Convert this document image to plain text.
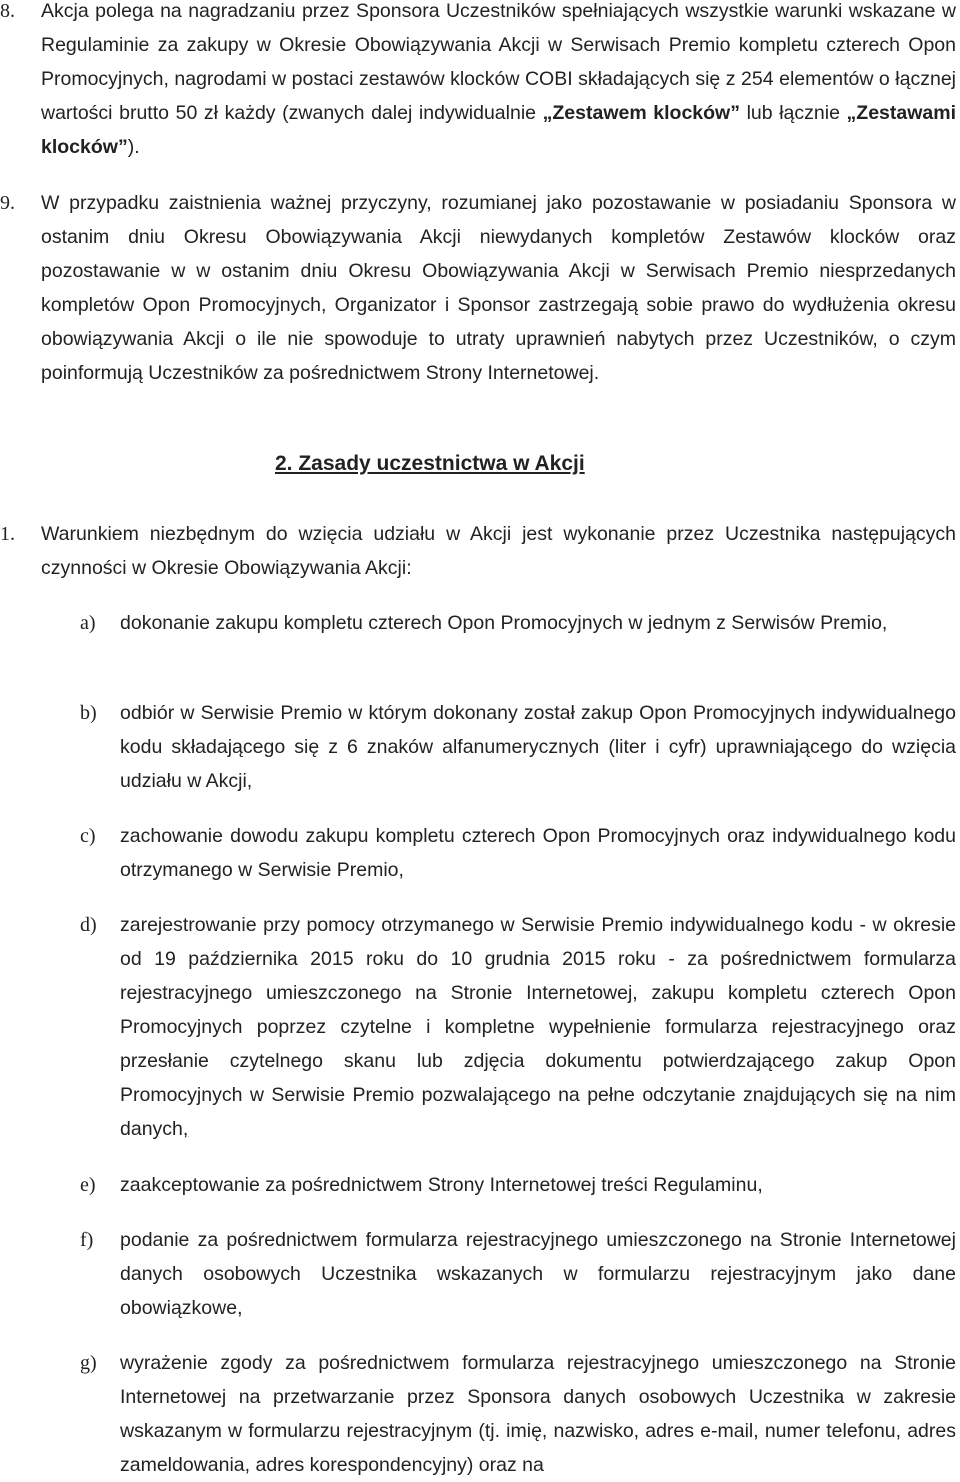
8.	Akcja polega na nagradzaniu przez Sponsora Uczestników spełniających wszystkie warunki wskazane w Regulaminie za zakupy w Okresie Obowiązywania Akcji w Serwisach Premio kompletu czterech Opon Promocyjnych, nagrodami w postaci zestawów klocków COBI składających się z 254 elementów o łącznej wartości brutto 50 zł każdy (zwanych dalej indywidualnie „Zestawem klocków” lub łącznie „Zestawami klocków”).
9.	W przypadku zaistnienia ważnej przyczyny, rozumianej jako pozostawanie w posiadaniu Sponsora w ostanim dniu Okresu Obowiązywania Akcji niewydanych kompletów Zestawów klocków oraz pozostawanie w w ostanim dniu Okresu Obowiązywania Akcji w Serwisach Premio niesprzedanych kompletów Opon Promocyjnych, Organizator i Sponsor zastrzegają sobie prawo do wydłużenia okresu obowiązywania Akcji o ile nie spowoduje to utraty uprawnień nabytych przez Uczestników, o czym poinformują Uczestników za pośrednictwem Strony Internetowej.
2. Zasady uczestnictwa w Akcji
1.	Warunkiem niezbędnym do wzięcia udziału w Akcji jest wykonanie przez Uczestnika następujących czynności w Okresie Obowiązywania Akcji:
a) dokonanie zakupu kompletu czterech Opon Promocyjnych w jednym z Serwisów Premio,
b) odbiór w Serwisie Premio w którym dokonany został zakup Opon Promocyjnych indywidualnego kodu składającego się z 6 znaków alfanumerycznych (liter i cyfr) uprawniającego do wzięcia udziału w Akcji,
c) zachowanie dowodu zakupu kompletu czterech Opon Promocyjnych oraz indywidualnego kodu otrzymanego w Serwisie Premio,
d) zarejestrowanie przy pomocy otrzymanego w Serwisie Premio indywidualnego kodu - w okresie od 19 października 2015 roku do 10 grudnia 2015 roku - za pośrednictwem formularza rejestracyjnego umieszczonego na Stronie Internetowej, zakupu kompletu czterech Opon Promocyjnych poprzez czytelne i kompletne wypełnienie formularza rejestracyjnego oraz przesłanie czytelnego skanu lub zdjęcia dokumentu potwierdzającego zakup Opon Promocyjnych w Serwisie Premio pozwalającego na pełne odczytanie znajdujących się na nim danych,
e) zaakceptowanie za pośrednictwem Strony Internetowej treści Regulaminu,
f) podanie za pośrednictwem formularza rejestracyjnego umieszczonego na Stronie Internetowej danych osobowych Uczestnika wskazanych w formularzu rejestracyjnym jako dane obowiązkowe,
g) wyrażenie zgody za pośrednictwem formularza rejestracyjnego umieszczonego na Stronie Internetowej na przetwarzanie przez Sponsora danych osobowych Uczestnika w zakresie wskazanym w formularzu rejestracyjnym (tj. imię, nazwisko, adres e-mail, numer telefonu, adres zameldowania, adres korespondencyjny) oraz na
